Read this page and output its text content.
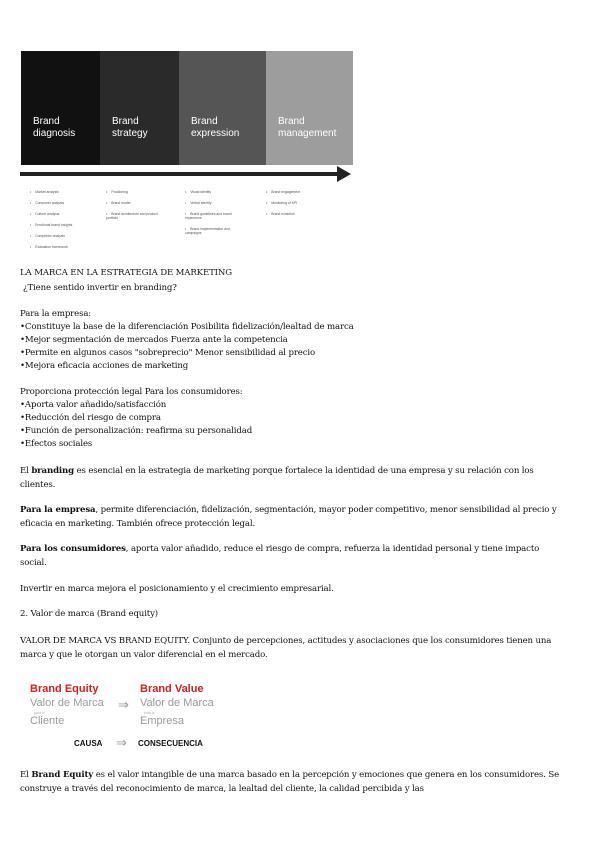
Brand
diagnosis
Brand
strategy
Brand
expression
Brand
management
• Market analysis
• Consumer analysis
• Culture analysis
• Emotional brand insights
• Competitor analysis
• Evaluation framework
• Positioning
• Brand model
• Brand architecture and product portfolio
• Visual identity
• Verbal identity
• Brand guidelines and brand experience
• Brand implementation and campaigns
• Brand engagement
• Monitoring of KPI
• Brand evolution
LA MARCA EN LA ESTRATEGIA DE MARKETING
¿Tiene sentido invertir en branding?
Para la empresa:
•Constituye la base de la diferenciación Posibilita fidelización/lealtad de marca
•Mejor segmentación de mercados Fuerza ante la competencia
•Permite en algunos casos "sobreprecio" Menor sensibilidad al precio
•Mejora eficacia acciones de marketing
Proporciona protección legal Para los consumidores:
•Aporta valor añadido/satisfacción
•Reducción del riesgo de compra
•Función de personalización: reafirma su personalidad
•Efectos sociales
El branding es esencial en la estrategia de marketing porque fortalece la identidad de una empresa y su relación con los clientes.
Para la empresa, permite diferenciación, fidelización, segmentación, mayor poder competitivo, menor sensibilidad al precio y eficacia en marketing. También ofrece protección legal.
Para los consumidores, aporta valor añadido, reduce el riesgo de compra, refuerza la identidad personal y tiene impacto social.
Invertir en marca mejora el posicionamiento y el crecimiento empresarial.
2. Valor de marca (Brand equity)
VALOR DE MARCA VS BRAND EQUITY. Conjunto de percepciones, actitudes y asociaciones que los consumidores tienen una marca y que le otorgan un valor diferencial en el mercado.
Brand Equity
Valor de Marca
para el
Cliente
⇒
Brand Value
Valor de Marca
para la
Empresa
CAUSA ⇒ CONSECUENCIA
El Brand Equity es el valor intangible de una marca basado en la percepción y emociones que genera en los consumidores. Se construye a través del reconocimiento de marca, la lealtad del cliente, la calidad percibida y las
